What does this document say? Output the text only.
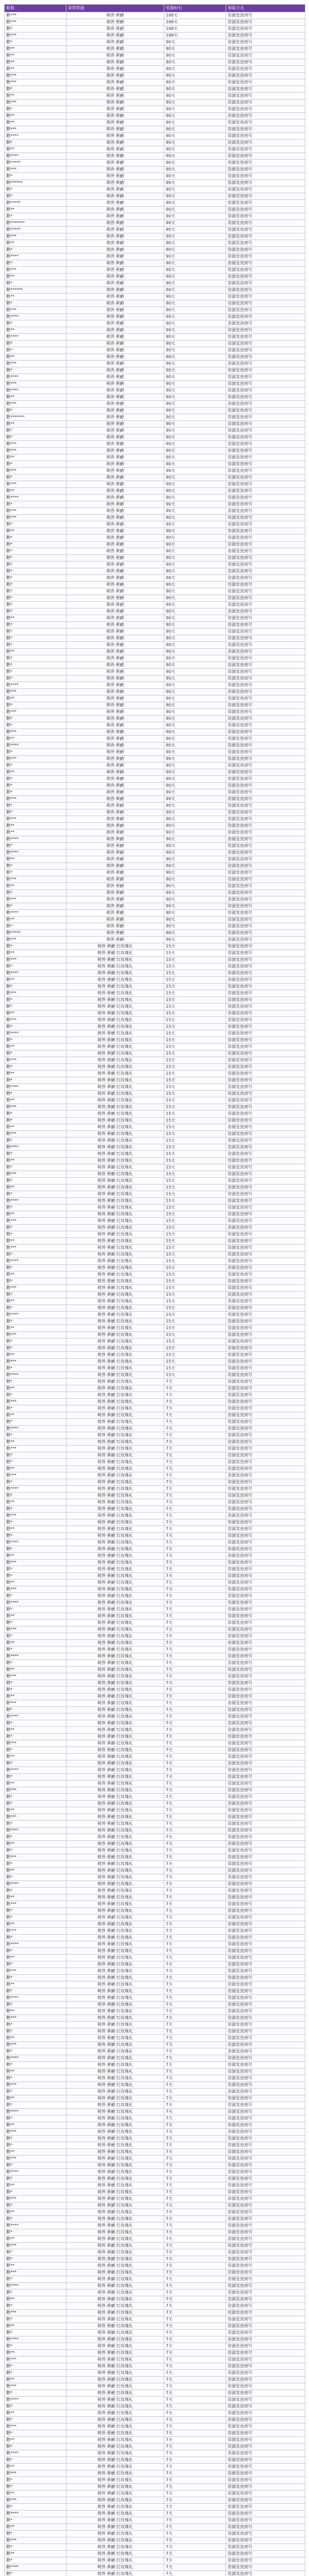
昵称	获得奖励	奖励时长	领取方式
鹅***	萌兽·黄鹂	168天	资源发放到号
鹅***	萌兽·黄鹂	168天	资源发放到号
鹅*	萌兽·黄鹂	168天	资源发放到号
鹅***	萌兽·黄鹂	168天	资源发放到号
鹅*	萌兽·黄鹂	90天	资源发放到号
鹅**	萌兽·黄鹂	90天	资源发放到号
鹅**	萌兽·黄鹂	90天	资源发放到号
鹅**	萌兽·黄鹂	90天	资源发放到号
鹅**	萌兽·黄鹂	90天	资源发放到号
鹅***	萌兽·黄鹂	90天	资源发放到号
鹅***	萌兽·黄鹂	90天	资源发放到号
鹅*	萌兽·黄鹂	90天	资源发放到号
鹅**	萌兽·黄鹂	90天	资源发放到号
鹅***	萌兽·黄鹂	90天	资源发放到号
鹅*	萌兽·黄鹂	90天	资源发放到号
鹅**	萌兽·黄鹂	90天	资源发放到号
鹅**	萌兽·黄鹂	90天	资源发放到号
鹅***	萌兽·黄鹂	90天	资源发放到号
鹅****	萌兽·黄鹂	90天	资源发放到号
鹅*	萌兽·黄鹂	90天	资源发放到号
鹅**	萌兽·黄鹂	90天	资源发放到号
鹅****	萌兽·黄鹂	90天	资源发放到号
鹅*****	萌兽·黄鹂	90天	资源发放到号
鹅***	萌兽·黄鹂	90天	资源发放到号
鹅*	萌兽·黄鹂	90天	资源发放到号
鹅******	萌兽·黄鹂	90天	资源发放到号
鹅*	萌兽·黄鹂	90天	资源发放到号
鹅*	萌兽·黄鹂	90天	资源发放到号
鹅*****	萌兽·黄鹂	90天	资源发放到号
鹅**	萌兽·黄鹂	90天	资源发放到号
鹅*	萌兽·黄鹂	90天	资源发放到号
鹅*******	萌兽·黄鹂	90天	资源发放到号
鹅*****	萌兽·黄鹂	90天	资源发放到号
鹅***	萌兽·黄鹂	90天	资源发放到号
鹅**	萌兽·黄鹂	90天	资源发放到号
鹅*	萌兽·黄鹂	90天	资源发放到号
鹅****	萌兽·黄鹂	90天	资源发放到号
鹅*	萌兽·黄鹂	90天	资源发放到号
鹅***	萌兽·黄鹂	90天	资源发放到号
鹅**	萌兽·黄鹂	90天	资源发放到号
鹅*	萌兽·黄鹂	90天	资源发放到号
鹅******	萌兽·黄鹂	90天	资源发放到号
鹅**	萌兽·黄鹂	90天	资源发放到号
鹅*	萌兽·黄鹂	90天	资源发放到号
鹅***	萌兽·黄鹂	90天	资源发放到号
鹅****	萌兽·黄鹂	90天	资源发放到号
鹅*	萌兽·黄鹂	90天	资源发放到号
鹅**	萌兽·黄鹂	90天	资源发放到号
鹅****	萌兽·黄鹂	90天	资源发放到号
鹅*	萌兽·黄鹂	90天	资源发放到号
鹅*	萌兽·黄鹂	90天	资源发放到号
鹅**	萌兽·黄鹂	90天	资源发放到号
鹅***	萌兽·黄鹂	90天	资源发放到号
鹅*	萌兽·黄鹂	90天	资源发放到号
鹅****	萌兽·黄鹂	90天	资源发放到号
鹅***	萌兽·黄鹂	90天	资源发放到号
鹅****	萌兽·黄鹂	90天	资源发放到号
鹅**	萌兽·黄鹂	90天	资源发放到号
鹅***	萌兽·黄鹂	90天	资源发放到号
鹅*	萌兽·黄鹂	90天	资源发放到号
鹅*******	萌兽·黄鹂	90天	资源发放到号
鹅**	萌兽·黄鹂	90天	资源发放到号
鹅*	萌兽·黄鹂	90天	资源发放到号
鹅*	萌兽·黄鹂	90天	资源发放到号
鹅***	萌兽·黄鹂	90天	资源发放到号
鹅***	萌兽·黄鹂	90天	资源发放到号
鹅**	萌兽·黄鹂	90天	资源发放到号
鹅*	萌兽·黄鹂	90天	资源发放到号
鹅***	萌兽·黄鹂	90天	资源发放到号
鹅*	萌兽·黄鹂	90天	资源发放到号
鹅***	萌兽·黄鹂	90天	资源发放到号
鹅**	萌兽·黄鹂	90天	资源发放到号
鹅****	萌兽·黄鹂	90天	资源发放到号
鹅*	萌兽·黄鹂	90天	资源发放到号
鹅***	萌兽·黄鹂	90天	资源发放到号
鹅***	萌兽·黄鹂	90天	资源发放到号
鹅*	萌兽·黄鹂	90天	资源发放到号
鹅**	萌兽·黄鹂	90天	资源发放到号
鹅*	萌兽·黄鹂	90天	资源发放到号
鹅*	萌兽·黄鹂	90天	资源发放到号
鹅*	萌兽·黄鹂	90天	资源发放到号
鹅*	萌兽·黄鹂	90天	资源发放到号
鹅*	萌兽·黄鹂	90天	资源发放到号
鹅*	萌兽·黄鹂	90天	资源发放到号
鹅*	萌兽·黄鹂	90天	资源发放到号
鹅*	萌兽·黄鹂	90天	资源发放到号
鹅*	萌兽·黄鹂	90天	资源发放到号
鹅*	萌兽·黄鹂	90天	资源发放到号
鹅*	萌兽·黄鹂	90天	资源发放到号
鹅*	萌兽·黄鹂	90天	资源发放到号
鹅**	萌兽·黄鹂	90天	资源发放到号
鹅*	萌兽·黄鹂	90天	资源发放到号
鹅*	萌兽·黄鹂	90天	资源发放到号
鹅*	萌兽·黄鹂	90天	资源发放到号
鹅*	萌兽·黄鹂	90天	资源发放到号
鹅**	萌兽·黄鹂	90天	资源发放到号
鹅*	萌兽·黄鹂	90天	资源发放到号
鹅*	萌兽·黄鹂	90天	资源发放到号
鹅*	萌兽·黄鹂	90天	资源发放到号
鹅*	萌兽·黄鹂	90天	资源发放到号
鹅****	萌兽·黄鹂	90天	资源发放到号
鹅***	萌兽·黄鹂	90天	资源发放到号
鹅**	萌兽·黄鹂	90天	资源发放到号
鹅*	萌兽·黄鹂	90天	资源发放到号
鹅***	萌兽·黄鹂	90天	资源发放到号
鹅*	萌兽·黄鹂	90天	资源发放到号
鹅*	萌兽·黄鹂	90天	资源发放到号
鹅***	萌兽·黄鹂	90天	资源发放到号
鹅**	萌兽·黄鹂	90天	资源发放到号
鹅****	萌兽·黄鹂	90天	资源发放到号
鹅*	萌兽·黄鹂	90天	资源发放到号
鹅***	萌兽·黄鹂	90天	资源发放到号
鹅*	萌兽·黄鹂	90天	资源发放到号
鹅**	萌兽·黄鹂	90天	资源发放到号
鹅*	萌兽·黄鹂	90天	资源发放到号
鹅*	萌兽·黄鹂	90天	资源发放到号
鹅*	萌兽·黄鹂	90天	资源发放到号
鹅***	萌兽·黄鹂	90天	资源发放到号
鹅*	萌兽·黄鹂	90天	资源发放到号
鹅*	萌兽·黄鹂	90天	资源发放到号
鹅***	萌兽·黄鹂	90天	资源发放到号
鹅**	萌兽·黄鹂	90天	资源发放到号
鹅**	萌兽·黄鹂	90天	资源发放到号
鹅****	萌兽·黄鹂	90天	资源发放到号
鹅*	萌兽·黄鹂	90天	资源发放到号
鹅****	萌兽·黄鹂	90天	资源发放到号
鹅**	萌兽·黄鹂	90天	资源发放到号
鹅*	萌兽·黄鹂	90天	资源发放到号
鹅*	萌兽·黄鹂	90天	资源发放到号
鹅***	萌兽·黄鹂	90天	资源发放到号
鹅**	萌兽·黄鹂	90天	资源发放到号
鹅*	萌兽·黄鹂	90天	资源发放到号
鹅***	萌兽·黄鹂	90天	资源发放到号
鹅*	萌兽·黄鹂	90天	资源发放到号
鹅****	萌兽·黄鹂	90天	资源发放到号
鹅**	萌兽·黄鹂	90天	资源发放到号
鹅*	萌兽·黄鹂	90天	资源发放到号
鹅*****	萌兽·黄鹂	90天	资源发放到号
鹅***	萌兽·黄鹂	90天	资源发放到号
鹅*	萌兽·黄鹂 红玫瑰礼	15天	资源发放到号
鹅**	萌兽·黄鹂 红玫瑰礼	15天	资源发放到号
鹅***	萌兽·黄鹂 红玫瑰礼	15天	资源发放到号
鹅*	萌兽·黄鹂 红玫瑰礼	15天	资源发放到号
鹅****	萌兽·黄鹂 红玫瑰礼	15天	资源发放到号
鹅**	萌兽·黄鹂 红玫瑰礼	15天	资源发放到号
鹅*	萌兽·黄鹂 红玫瑰礼	15天	资源发放到号
鹅***	萌兽·黄鹂 红玫瑰礼	15天	资源发放到号
鹅*	萌兽·黄鹂 红玫瑰礼	15天	资源发放到号
鹅*	萌兽·黄鹂 红玫瑰礼	15天	资源发放到号
鹅**	萌兽·黄鹂 红玫瑰礼	15天	资源发放到号
鹅***	萌兽·黄鹂 红玫瑰礼	15天	资源发放到号
鹅*	萌兽·黄鹂 红玫瑰礼	15天	资源发放到号
鹅****	萌兽·黄鹂 红玫瑰礼	15天	资源发放到号
鹅*	萌兽·黄鹂 红玫瑰礼	15天	资源发放到号
鹅**	萌兽·黄鹂 红玫瑰礼	15天	资源发放到号
鹅*	萌兽·黄鹂 红玫瑰礼	15天	资源发放到号
鹅***	萌兽·黄鹂 红玫瑰礼	15天	资源发放到号
鹅*	萌兽·黄鹂 红玫瑰礼	15天	资源发放到号
鹅**	萌兽·黄鹂 红玫瑰礼	15天	资源发放到号
鹅*	萌兽·黄鹂 红玫瑰礼	15天	资源发放到号
鹅****	萌兽·黄鹂 红玫瑰礼	15天	资源发放到号
鹅*	萌兽·黄鹂 红玫瑰礼	15天	资源发放到号
鹅**	萌兽·黄鹂 红玫瑰礼	15天	资源发放到号
鹅***	萌兽·黄鹂 红玫瑰礼	15天	资源发放到号
鹅*	萌兽·黄鹂 红玫瑰礼	15天	资源发放到号
鹅*	萌兽·黄鹂 红玫瑰礼	15天	资源发放到号
鹅**	萌兽·黄鹂 红玫瑰礼	15天	资源发放到号
鹅***	萌兽·黄鹂 红玫瑰礼	15天	资源发放到号
鹅*	萌兽·黄鹂 红玫瑰礼	15天	资源发放到号
鹅****	萌兽·黄鹂 红玫瑰礼	15天	资源发放到号
鹅*	萌兽·黄鹂 红玫瑰礼	15天	资源发放到号
鹅**	萌兽·黄鹂 红玫瑰礼	15天	资源发放到号
鹅*	萌兽·黄鹂 红玫瑰礼	15天	资源发放到号
鹅***	萌兽·黄鹂 红玫瑰礼	15天	资源发放到号
鹅*	萌兽·黄鹂 红玫瑰礼	15天	资源发放到号
鹅**	萌兽·黄鹂 红玫瑰礼	15天	资源发放到号
鹅*	萌兽·黄鹂 红玫瑰礼	15天	资源发放到号
鹅****	萌兽·黄鹂 红玫瑰礼	15天	资源发放到号
鹅*	萌兽·黄鹂 红玫瑰礼	15天	资源发放到号
鹅**	萌兽·黄鹂 红玫瑰礼	15天	资源发放到号
鹅***	萌兽·黄鹂 红玫瑰礼	15天	资源发放到号
鹅*	萌兽·黄鹂 红玫瑰礼	15天	资源发放到号
鹅*	萌兽·黄鹂 红玫瑰礼	15天	资源发放到号
鹅**	萌兽·黄鹂 红玫瑰礼	15天	资源发放到号
鹅***	萌兽·黄鹂 红玫瑰礼	15天	资源发放到号
鹅*	萌兽·黄鹂 红玫瑰礼	15天	资源发放到号
鹅****	萌兽·黄鹂 红玫瑰礼	15天	资源发放到号
鹅*	萌兽·黄鹂 红玫瑰礼	15天	资源发放到号
鹅**	萌兽·黄鹂 红玫瑰礼	15天	资源发放到号
鹅*	萌兽·黄鹂 红玫瑰礼	15天	资源发放到号
鹅***	萌兽·黄鹂 红玫瑰礼	15天	资源发放到号
鹅*	萌兽·黄鹂 红玫瑰礼	15天	资源发放到号
鹅**	萌兽·黄鹂 红玫瑰礼	15天	资源发放到号
鹅*	萌兽·黄鹂 红玫瑰礼	15天	资源发放到号
鹅****	萌兽·黄鹂 红玫瑰礼	15天	资源发放到号
鹅*	萌兽·黄鹂 红玫瑰礼	15天	资源发放到号
鹅**	萌兽·黄鹂 红玫瑰礼	15天	资源发放到号
鹅***	萌兽·黄鹂 红玫瑰礼	15天	资源发放到号
鹅*	萌兽·黄鹂 红玫瑰礼	15天	资源发放到号
鹅*	萌兽·黄鹂 红玫瑰礼	15天	资源发放到号
鹅**	萌兽·黄鹂 红玫瑰礼	15天	资源发放到号
鹅***	萌兽·黄鹂 红玫瑰礼	15天	资源发放到号
鹅*	萌兽·黄鹂 红玫瑰礼	15天	资源发放到号
鹅****	萌兽·黄鹂 红玫瑰礼	15天	资源发放到号
鹅*	萌兽·黄鹂 红玫瑰礼	7天	资源发放到号
鹅**	萌兽·黄鹂 红玫瑰礼	7天	资源发放到号
鹅*	萌兽·黄鹂 红玫瑰礼	7天	资源发放到号
鹅***	萌兽·黄鹂 红玫瑰礼	7天	资源发放到号
鹅*	萌兽·黄鹂 红玫瑰礼	7天	资源发放到号
鹅**	萌兽·黄鹂 红玫瑰礼	7天	资源发放到号
鹅*	萌兽·黄鹂 红玫瑰礼	7天	资源发放到号
鹅****	萌兽·黄鹂 红玫瑰礼	7天	资源发放到号
鹅*	萌兽·黄鹂 红玫瑰礼	7天	资源发放到号
鹅**	萌兽·黄鹂 红玫瑰礼	7天	资源发放到号
鹅***	萌兽·黄鹂 红玫瑰礼	7天	资源发放到号
鹅*	萌兽·黄鹂 红玫瑰礼	7天	资源发放到号
鹅*	萌兽·黄鹂 红玫瑰礼	7天	资源发放到号
鹅**	萌兽·黄鹂 红玫瑰礼	7天	资源发放到号
鹅***	萌兽·黄鹂 红玫瑰礼	7天	资源发放到号
鹅*	萌兽·黄鹂 红玫瑰礼	7天	资源发放到号
鹅****	萌兽·黄鹂 红玫瑰礼	7天	资源发放到号
鹅*	萌兽·黄鹂 红玫瑰礼	7天	资源发放到号
鹅**	萌兽·黄鹂 红玫瑰礼	7天	资源发放到号
鹅*	萌兽·黄鹂 红玫瑰礼	7天	资源发放到号
鹅***	萌兽·黄鹂 红玫瑰礼	7天	资源发放到号
鹅*	萌兽·黄鹂 红玫瑰礼	7天	资源发放到号
鹅**	萌兽·黄鹂 红玫瑰礼	7天	资源发放到号
鹅*	萌兽·黄鹂 红玫瑰礼	7天	资源发放到号
鹅****	萌兽·黄鹂 红玫瑰礼	7天	资源发放到号
鹅*	萌兽·黄鹂 红玫瑰礼	7天	资源发放到号
鹅**	萌兽·黄鹂 红玫瑰礼	7天	资源发放到号
鹅***	萌兽·黄鹂 红玫瑰礼	7天	资源发放到号
鹅*	萌兽·黄鹂 红玫瑰礼	7天	资源发放到号
鹅*	萌兽·黄鹂 红玫瑰礼	7天	资源发放到号
鹅**	萌兽·黄鹂 红玫瑰礼	7天	资源发放到号
鹅***	萌兽·黄鹂 红玫瑰礼	7天	资源发放到号
鹅*	萌兽·黄鹂 红玫瑰礼	7天	资源发放到号
鹅****	萌兽·黄鹂 红玫瑰礼	7天	资源发放到号
鹅*	萌兽·黄鹂 红玫瑰礼	7天	资源发放到号
鹅**	萌兽·黄鹂 红玫瑰礼	7天	资源发放到号
鹅*	萌兽·黄鹂 红玫瑰礼	7天	资源发放到号
鹅***	萌兽·黄鹂 红玫瑰礼	7天	资源发放到号
鹅*	萌兽·黄鹂 红玫瑰礼	7天	资源发放到号
鹅**	萌兽·黄鹂 红玫瑰礼	7天	资源发放到号
鹅*	萌兽·黄鹂 红玫瑰礼	7天	资源发放到号
鹅****	萌兽·黄鹂 红玫瑰礼	7天	资源发放到号
鹅*	萌兽·黄鹂 红玫瑰礼	7天	资源发放到号
鹅**	萌兽·黄鹂 红玫瑰礼	7天	资源发放到号
鹅***	萌兽·黄鹂 红玫瑰礼	7天	资源发放到号
鹅*	萌兽·黄鹂 红玫瑰礼	7天	资源发放到号
鹅*	萌兽·黄鹂 红玫瑰礼	7天	资源发放到号
鹅**	萌兽·黄鹂 红玫瑰礼	7天	资源发放到号
鹅***	萌兽·黄鹂 红玫瑰礼	7天	资源发放到号
鹅*	萌兽·黄鹂 红玫瑰礼	7天	资源发放到号
鹅****	萌兽·黄鹂 红玫瑰礼	7天	资源发放到号
鹅*	萌兽·黄鹂 红玫瑰礼	7天	资源发放到号
鹅**	萌兽·黄鹂 红玫瑰礼	7天	资源发放到号
鹅*	萌兽·黄鹂 红玫瑰礼	7天	资源发放到号
鹅***	萌兽·黄鹂 红玫瑰礼	7天	资源发放到号
鹅*	萌兽·黄鹂 红玫瑰礼	7天	资源发放到号
鹅**	萌兽·黄鹂 红玫瑰礼	7天	资源发放到号
鹅*	萌兽·黄鹂 红玫瑰礼	7天	资源发放到号
鹅****	萌兽·黄鹂 红玫瑰礼	7天	资源发放到号
鹅*	萌兽·黄鹂 红玫瑰礼	7天	资源发放到号
鹅**	萌兽·黄鹂 红玫瑰礼	7天	资源发放到号
鹅***	萌兽·黄鹂 红玫瑰礼	7天	资源发放到号
鹅*	萌兽·黄鹂 红玫瑰礼	7天	资源发放到号
鹅*	萌兽·黄鹂 红玫瑰礼	7天	资源发放到号
鹅**	萌兽·黄鹂 红玫瑰礼	7天	资源发放到号
鹅***	萌兽·黄鹂 红玫瑰礼	7天	资源发放到号
鹅*	萌兽·黄鹂 红玫瑰礼	7天	资源发放到号
鹅****	萌兽·黄鹂 红玫瑰礼	7天	资源发放到号
鹅*	萌兽·黄鹂 红玫瑰礼	7天	资源发放到号
鹅**	萌兽·黄鹂 红玫瑰礼	7天	资源发放到号
鹅*	萌兽·黄鹂 红玫瑰礼	7天	资源发放到号
鹅***	萌兽·黄鹂 红玫瑰礼	7天	资源发放到号
鹅*	萌兽·黄鹂 红玫瑰礼	7天	资源发放到号
鹅**	萌兽·黄鹂 红玫瑰礼	7天	资源发放到号
鹅*	萌兽·黄鹂 红玫瑰礼	7天	资源发放到号
鹅****	萌兽·黄鹂 红玫瑰礼	7天	资源发放到号
鹅*	萌兽·黄鹂 红玫瑰礼	7天	资源发放到号
鹅**	萌兽·黄鹂 红玫瑰礼	7天	资源发放到号
鹅***	萌兽·黄鹂 红玫瑰礼	7天	资源发放到号
鹅*	萌兽·黄鹂 红玫瑰礼	7天	资源发放到号
鹅*	萌兽·黄鹂 红玫瑰礼	7天	资源发放到号
鹅**	萌兽·黄鹂 红玫瑰礼	7天	资源发放到号
鹅***	萌兽·黄鹂 红玫瑰礼	7天	资源发放到号
鹅*	萌兽·黄鹂 红玫瑰礼	7天	资源发放到号
鹅****	萌兽·黄鹂 红玫瑰礼	7天	资源发放到号
鹅*	萌兽·黄鹂 红玫瑰礼	7天	资源发放到号
鹅**	萌兽·黄鹂 红玫瑰礼	7天	资源发放到号
鹅*	萌兽·黄鹂 红玫瑰礼	7天	资源发放到号
鹅***	萌兽·黄鹂 红玫瑰礼	7天	资源发放到号
鹅*	萌兽·黄鹂 红玫瑰礼	7天	资源发放到号
鹅**	萌兽·黄鹂 红玫瑰礼	7天	资源发放到号
鹅*	萌兽·黄鹂 红玫瑰礼	7天	资源发放到号
鹅****	萌兽·黄鹂 红玫瑰礼	7天	资源发放到号
鹅*	萌兽·黄鹂 红玫瑰礼	7天	资源发放到号
鹅**	萌兽·黄鹂 红玫瑰礼	7天	资源发放到号
鹅***	萌兽·黄鹂 红玫瑰礼	7天	资源发放到号
鹅*	萌兽·黄鹂 红玫瑰礼	7天	资源发放到号
鹅*	萌兽·黄鹂 红玫瑰礼	7天	资源发放到号
鹅**	萌兽·黄鹂 红玫瑰礼	7天	资源发放到号
鹅***	萌兽·黄鹂 红玫瑰礼	7天	资源发放到号
鹅*	萌兽·黄鹂 红玫瑰礼	7天	资源发放到号
鹅****	萌兽·黄鹂 红玫瑰礼	7天	资源发放到号
鹅*	萌兽·黄鹂 红玫瑰礼	7天	资源发放到号
鹅**	萌兽·黄鹂 红玫瑰礼	7天	资源发放到号
鹅*	萌兽·黄鹂 红玫瑰礼	7天	资源发放到号
鹅***	萌兽·黄鹂 红玫瑰礼	7天	资源发放到号
鹅*	萌兽·黄鹂 红玫瑰礼	7天	资源发放到号
鹅**	萌兽·黄鹂 红玫瑰礼	7天	资源发放到号
鹅*	萌兽·黄鹂 红玫瑰礼	7天	资源发放到号
鹅****	萌兽·黄鹂 红玫瑰礼	7天	资源发放到号
鹅*	萌兽·黄鹂 红玫瑰礼	7天	资源发放到号
鹅**	萌兽·黄鹂 红玫瑰礼	7天	资源发放到号
鹅***	萌兽·黄鹂 红玫瑰礼	7天	资源发放到号
鹅*	萌兽·黄鹂 红玫瑰礼	7天	资源发放到号
鹅*	萌兽·黄鹂 红玫瑰礼	7天	资源发放到号
鹅**	萌兽·黄鹂 红玫瑰礼	7天	资源发放到号
鹅***	萌兽·黄鹂 红玫瑰礼	7天	资源发放到号
鹅*	萌兽·黄鹂 红玫瑰礼	7天	资源发放到号
鹅****	萌兽·黄鹂 红玫瑰礼	7天	资源发放到号
鹅*	萌兽·黄鹂 红玫瑰礼	7天	资源发放到号
鹅**	萌兽·黄鹂 红玫瑰礼	7天	资源发放到号
鹅*	萌兽·黄鹂 红玫瑰礼	7天	资源发放到号
鹅***	萌兽·黄鹂 红玫瑰礼	7天	资源发放到号
鹅*	萌兽·黄鹂 红玫瑰礼	7天	资源发放到号
鹅**	萌兽·黄鹂 红玫瑰礼	7天	资源发放到号
鹅*	萌兽·黄鹂 红玫瑰礼	7天	资源发放到号
鹅****	萌兽·黄鹂 红玫瑰礼	7天	资源发放到号
鹅*	萌兽·黄鹂 红玫瑰礼	7天	资源发放到号
鹅**	萌兽·黄鹂 红玫瑰礼	7天	资源发放到号
鹅***	萌兽·黄鹂 红玫瑰礼	7天	资源发放到号
鹅*	萌兽·黄鹂 红玫瑰礼	7天	资源发放到号
鹅*	萌兽·黄鹂 红玫瑰礼	7天	资源发放到号
鹅**	萌兽·黄鹂 红玫瑰礼	7天	资源发放到号
鹅***	萌兽·黄鹂 红玫瑰礼	7天	资源发放到号
鹅*	萌兽·黄鹂 红玫瑰礼	7天	资源发放到号
鹅****	萌兽·黄鹂 红玫瑰礼	7天	资源发放到号
鹅*	萌兽·黄鹂 红玫瑰礼	7天	资源发放到号
鹅**	萌兽·黄鹂 红玫瑰礼	7天	资源发放到号
鹅*	萌兽·黄鹂 红玫瑰礼	7天	资源发放到号
鹅***	萌兽·黄鹂 红玫瑰礼	7天	资源发放到号
鹅*	萌兽·黄鹂 红玫瑰礼	7天	资源发放到号
鹅**	萌兽·黄鹂 红玫瑰礼	7天	资源发放到号
鹅*	萌兽·黄鹂 红玫瑰礼	7天	资源发放到号
鹅****	萌兽·黄鹂 红玫瑰礼	7天	资源发放到号
鹅*	萌兽·黄鹂 红玫瑰礼	7天	资源发放到号
鹅**	萌兽·黄鹂 红玫瑰礼	7天	资源发放到号
鹅***	萌兽·黄鹂 红玫瑰礼	7天	资源发放到号
鹅*	萌兽·黄鹂 红玫瑰礼	7天	资源发放到号
鹅*	萌兽·黄鹂 红玫瑰礼	7天	资源发放到号
鹅**	萌兽·黄鹂 红玫瑰礼	7天	资源发放到号
鹅***	萌兽·黄鹂 红玫瑰礼	7天	资源发放到号
鹅*	萌兽·黄鹂 红玫瑰礼	7天	资源发放到号
鹅****	萌兽·黄鹂 红玫瑰礼	7天	资源发放到号
鹅*	萌兽·黄鹂 红玫瑰礼	7天	资源发放到号
鹅**	萌兽·黄鹂 红玫瑰礼	7天	资源发放到号
鹅*	萌兽·黄鹂 红玫瑰礼	7天	资源发放到号
鹅***	萌兽·黄鹂 红玫瑰礼	7天	资源发放到号
鹅*	萌兽·黄鹂 红玫瑰礼	7天	资源发放到号
鹅**	萌兽·黄鹂 红玫瑰礼	7天	资源发放到号
鹅*	萌兽·黄鹂 红玫瑰礼	7天	资源发放到号
鹅****	萌兽·黄鹂 红玫瑰礼	7天	资源发放到号
鹅*	萌兽·黄鹂 红玫瑰礼	7天	资源发放到号
鹅**	萌兽·黄鹂 红玫瑰礼	7天	资源发放到号
鹅***	萌兽·黄鹂 红玫瑰礼	7天	资源发放到号
鹅*	萌兽·黄鹂 红玫瑰礼	7天	资源发放到号
鹅*	萌兽·黄鹂 红玫瑰礼	7天	资源发放到号
鹅**	萌兽·黄鹂 红玫瑰礼	7天	资源发放到号
鹅***	萌兽·黄鹂 红玫瑰礼	7天	资源发放到号
鹅*	萌兽·黄鹂 红玫瑰礼	7天	资源发放到号
鹅****	萌兽·黄鹂 红玫瑰礼	7天	资源发放到号
鹅*	萌兽·黄鹂 红玫瑰礼	7天	资源发放到号
鹅**	萌兽·黄鹂 红玫瑰礼	7天	资源发放到号
鹅*	萌兽·黄鹂 红玫瑰礼	7天	资源发放到号
鹅***	萌兽·黄鹂 红玫瑰礼	7天	资源发放到号
鹅*	萌兽·黄鹂 红玫瑰礼	7天	资源发放到号
鹅**	萌兽·黄鹂 红玫瑰礼	7天	资源发放到号
鹅*	萌兽·黄鹂 红玫瑰礼	7天	资源发放到号
鹅****	萌兽·黄鹂 红玫瑰礼	7天	资源发放到号
鹅*	萌兽·黄鹂 红玫瑰礼	7天	资源发放到号
